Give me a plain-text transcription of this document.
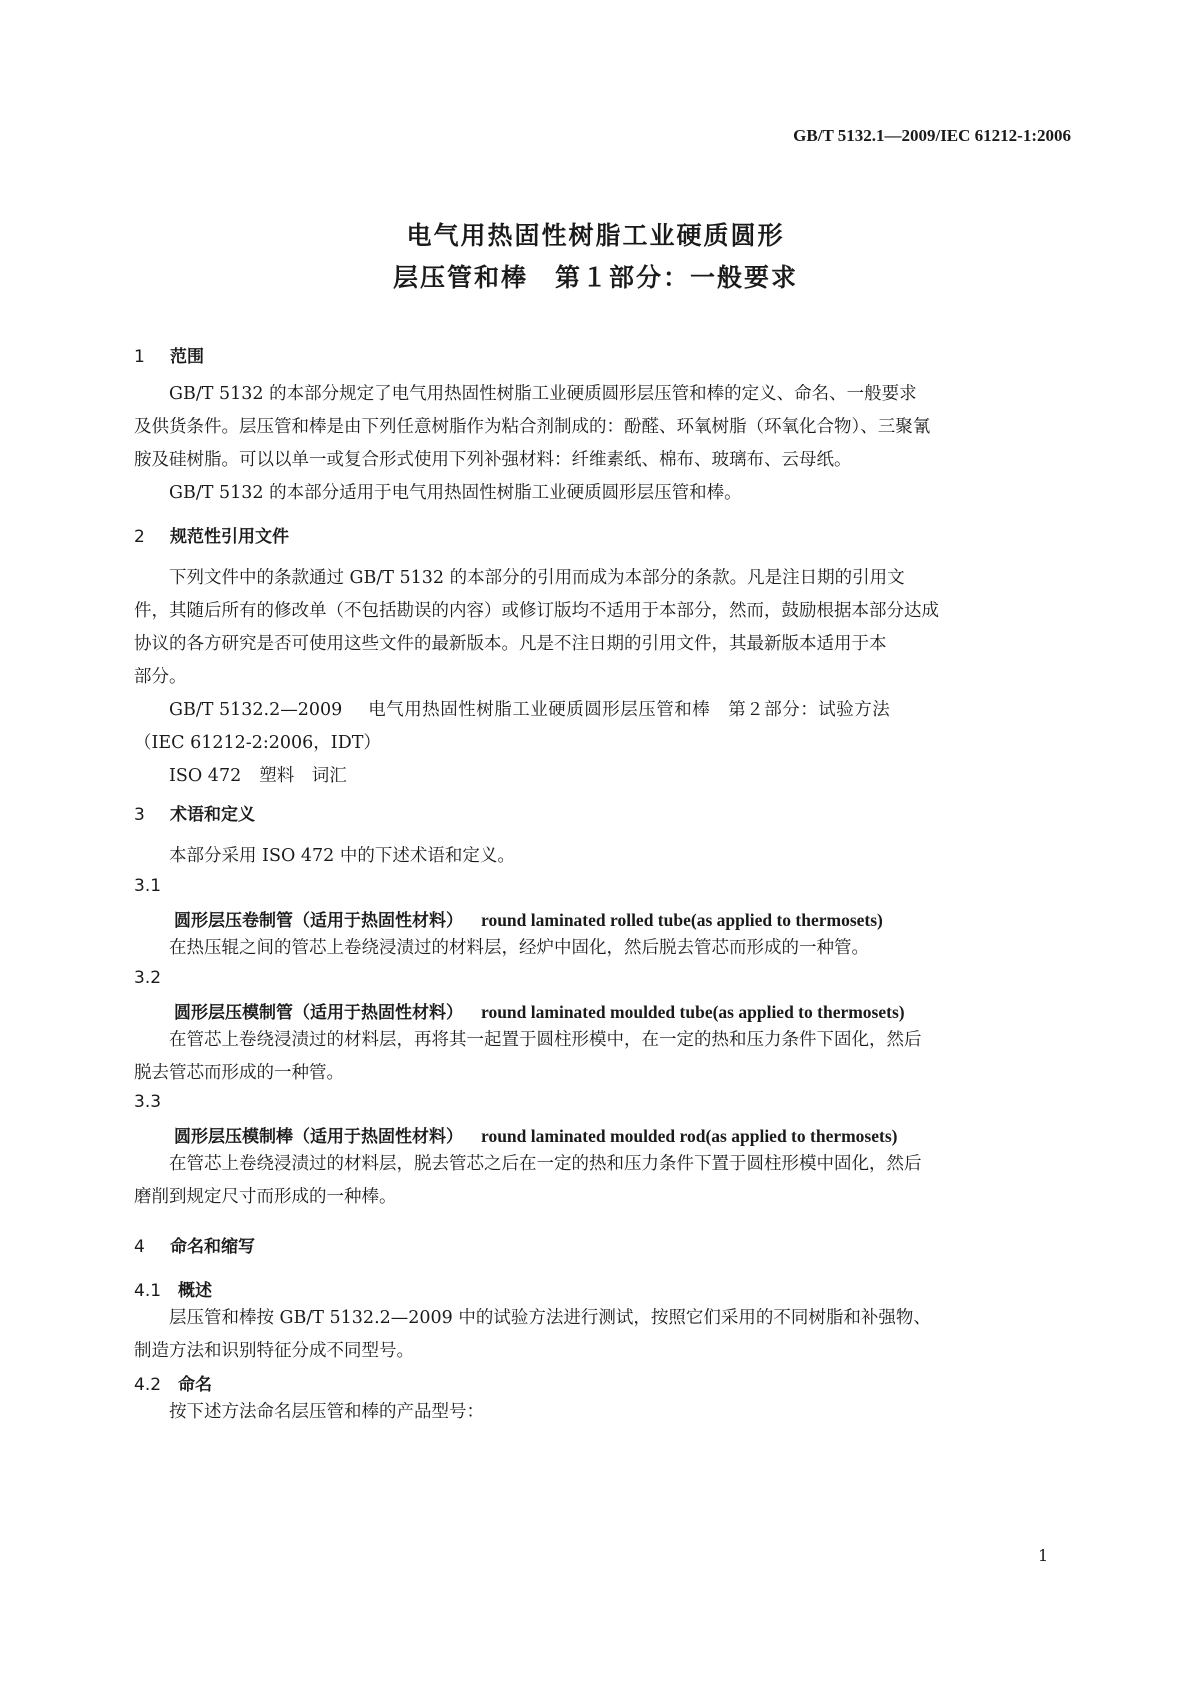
GB/T 5132.1—2009/IEC 61212-1:2006
电气用热固性树脂工业硬质圆形
层压管和棒　第１部分：一般要求
1 范围
GB/T 5132 的本部分规定了电气用热固性树脂工业硬质圆形层压管和棒的定义、命名、一般要求
及供货条件。层压管和棒是由下列任意树脂作为粘合剂制成的：酚醛、环氧树脂（环氧化合物）、三聚氰
胺及硅树脂。可以以单一或复合形式使用下列补强材料：纤维素纸、棉布、玻璃布、云母纸。
GB/T 5132 的本部分适用于电气用热固性树脂工业硬质圆形层压管和棒。
2 规范性引用文件
下列文件中的条款通过 GB/T 5132 的本部分的引用而成为本部分的条款。凡是注日期的引用文
件，其随后所有的修改单（不包括勘误的内容）或修订版均不适用于本部分，然而，鼓励根据本部分达成
协议的各方研究是否可使用这些文件的最新版本。凡是不注日期的引用文件，其最新版本适用于本
部分。
GB/T 5132.2—2009 电气用热固性树脂工业硬质圆形层压管和棒　第２部分：试验方法
（IEC 61212-2:2006，IDT）
ISO 472 塑料　词汇
3 术语和定义
本部分采用 ISO 472 中的下述术语和定义。
3.1
圆形层压卷制管（适用于热固性材料） round laminated rolled tube(as applied to thermosets)
在热压辊之间的管芯上卷绕浸渍过的材料层，经炉中固化，然后脱去管芯而形成的一种管。
3.2
圆形层压模制管（适用于热固性材料） round laminated moulded tube(as applied to thermosets)
在管芯上卷绕浸渍过的材料层，再将其一起置于圆柱形模中，在一定的热和压力条件下固化，然后
脱去管芯而形成的一种管。
3.3
圆形层压模制棒（适用于热固性材料） round laminated moulded rod(as applied to thermosets)
在管芯上卷绕浸渍过的材料层，脱去管芯之后在一定的热和压力条件下置于圆柱形模中固化，然后
磨削到规定尺寸而形成的一种棒。
4 命名和缩写
4.1 概述
层压管和棒按 GB/T 5132.2—2009 中的试验方法进行测试，按照它们采用的不同树脂和补强物、
制造方法和识别特征分成不同型号。
4.2 命名
按下述方法命名层压管和棒的产品型号：
1
